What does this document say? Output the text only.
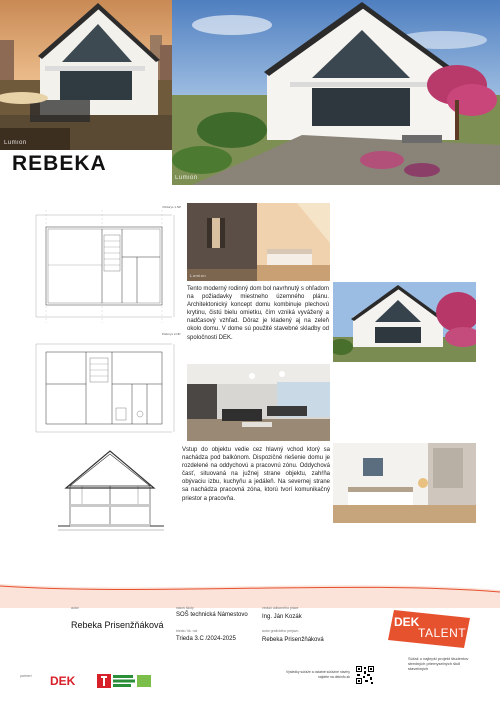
Lumion
Lumion
REBEKA
Pôdorys 1.NP
Pôdorys 2.NP
Lumion
Tento moderný rodinný dom bol navrhnutý s ohľadom na požiadavky miestneho územného plánu. Architektonický koncept domu kombinuje plechovú krytinu, čistú bielu omietku, čím vzniká vyvážený a nadčasový vzhľad. Dôraz je kladený aj na zeleň okolo domu. V dome sú použité stavebné skladby od spoločnosti DEK.
Vstup do objektu vedie cez hlavný vchod ktorý sa nachádza pod balkónom. Dispozičné riešenie domu je rozdelené na oddychovú a pracovnú zónu. Oddychová časť, situovaná na južnej strane objektu, zahŕňa obývaciu izbu, kuchyňu a jedáleň. Na severnej strane sa nachádza pracovná zóna, ktorú tvorí komunikačný priestor a pracovňa.
autor
Rebeka Prisenžňáková
názov školy
SOŠ technická Námestovo
trieda / šk. rok
Trieda 3.C /2024-2025
vedúci odborného práce
Ing. Ján Kozák
autor grafického prejavu
Rebeka Prisenžňáková
DEK
TALENT
Súťaž o najlepší projekt študentov stredných priemyselných škôl stavebných
partneri DEK
Výsledky súťaže a ostatné súťažné návrhy nájdete na dekinfo.sk
